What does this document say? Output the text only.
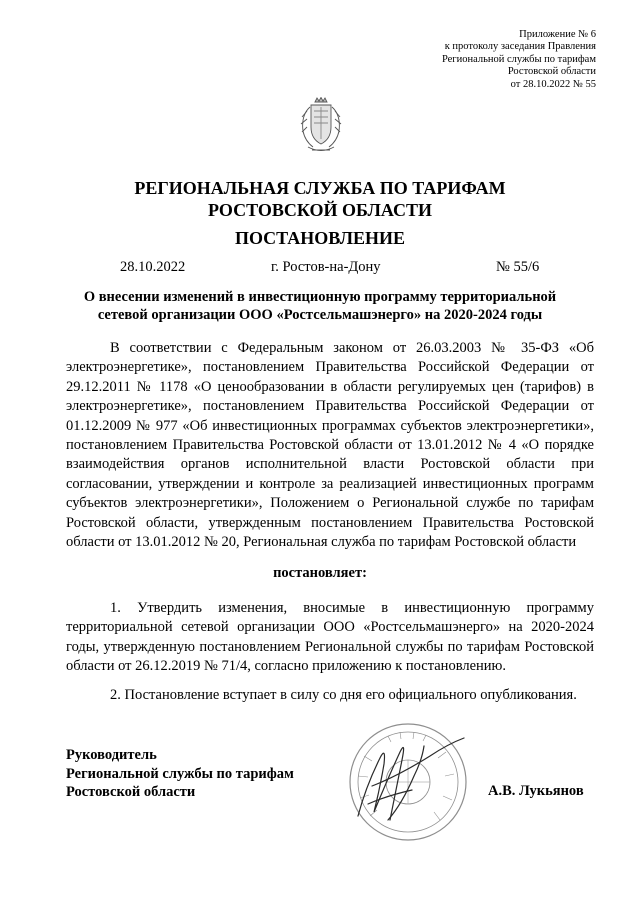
Приложение № 6
к протоколу заседания Правления
Региональной службы по тарифам
Ростовской области
от 28.10.2022 № 55
РЕГИОНАЛЬНАЯ СЛУЖБА ПО ТАРИФАМ
РОСТОВСКОЙ ОБЛАСТИ
ПОСТАНОВЛЕНИЕ
28.10.2022	г. Ростов-на-Дону	№ 55/6
О внесении изменений в инвестиционную программу территориальной
сетевой организации ООО «Ростсельмашэнерго» на 2020-2024 годы
В соответствии с Федеральным законом от 26.03.2003 № 35-ФЗ «Об электроэнергетике», постановлением Правительства Российской Федерации от 29.12.2011 № 1178 «О ценообразовании в области регулируемых цен (тарифов) в электроэнергетике», постановлением Правительства Российской Федерации от 01.12.2009 № 977 «Об инвестиционных программах субъектов электроэнергетики», постановлением Правительства Ростовской области от 13.01.2012 № 4 «О порядке взаимодействия органов исполнительной власти Ростовской области при согласовании, утверждении и контроле за реализацией инвестиционных программ субъектов электроэнергетики», Положением о Региональной службе по тарифам Ростовской области, утвержденным постановлением Правительства Ростовской области от 13.01.2012 № 20, Региональная служба по тарифам Ростовской области
постановляет:
1. Утвердить изменения, вносимые в инвестиционную программу территориальной сетевой организации ООО «Ростсельмашэнерго» на 2020-2024 годы, утвержденную постановлением Региональной службы по тарифам Ростовской области от 26.12.2019 № 71/4, согласно приложению к постановлению.
2. Постановление вступает в силу со дня его официального опубликования.
Руководитель
Региональной службы по тарифам
Ростовской области	А.В. Лукьянов
